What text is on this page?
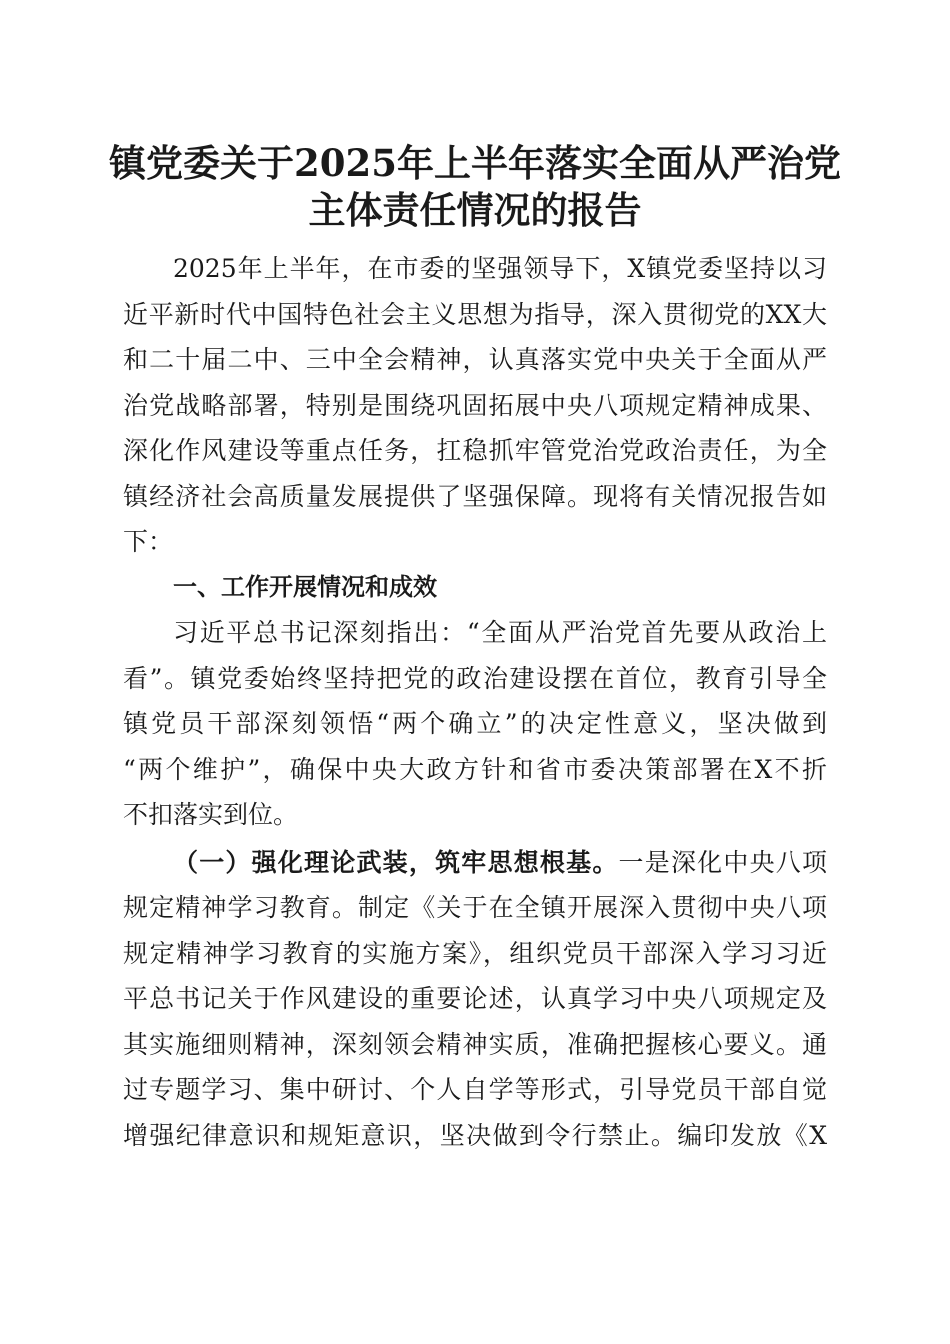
镇党委关于2025年上半年落实全面从严治党
主体责任情况的报告
2025年上半年，在市委的坚强领导下，X镇党委坚持以习
近平新时代中国特色社会主义思想为指导，深入贯彻党的XX大
和二十届二中、三中全会精神，认真落实党中央关于全面从严
治党战略部署，特别是围绕巩固拓展中央八项规定精神成果、
深化作风建设等重点任务，扛稳抓牢管党治党政治责任，为全
镇经济社会高质量发展提供了坚强保障。现将有关情况报告如
下：
一、工作开展情况和成效
习近平总书记深刻指出：“全面从严治党首先要从政治上
看”。镇党委始终坚持把党的政治建设摆在首位，教育引导全
镇党员干部深刻领悟“两个确立”的决定性意义，坚决做到
“两个维护”，确保中央大政方针和省市委决策部署在X不折
不扣落实到位。
（一）强化理论武装，筑牢思想根基。一是深化中央八项
规定精神学习教育。制定《关于在全镇开展深入贯彻中央八项
规定精神学习教育的实施方案》，组织党员干部深入学习习近
平总书记关于作风建设的重要论述，认真学习中央八项规定及
其实施细则精神，深刻领会精神实质，准确把握核心要义。通
过专题学习、集中研讨、个人自学等形式，引导党员干部自觉
增强纪律意识和规矩意识，坚决做到令行禁止。编印发放《X
